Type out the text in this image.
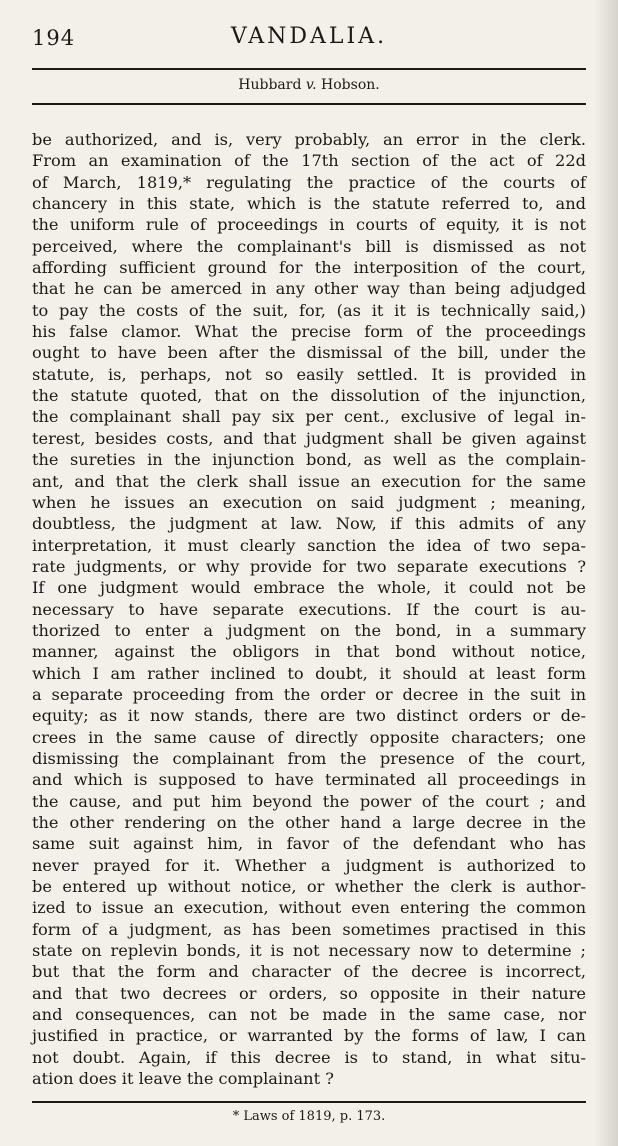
194	VANDALIA.
Hubbard v. Hobson.
be authorized, and is, very probably, an error in the clerk.
From an examination of the 17th section of the act of 22d
of March, 1819,* regulating the practice of the courts of
chancery in this state, which is the statute referred to, and
the uniform rule of proceedings in courts of equity, it is not
perceived, where the complainant's bill is dismissed as not
affording sufficient ground for the interposition of the court,
that he can be amerced in any other way than being adjudged
to pay the costs of the suit, for, (as it it is technically said,)
his false clamor. What the precise form of the proceedings
ought to have been after the dismissal of the bill, under the
statute, is, perhaps, not so easily settled. It is provided in
the statute quoted, that on the dissolution of the injunction,
the complainant shall pay six per cent., exclusive of legal in-
terest, besides costs, and that judgment shall be given against
the sureties in the injunction bond, as well as the complain-
ant, and that the clerk shall issue an execution for the same
when he issues an execution on said judgment ; meaning,
doubtless, the judgment at law. Now, if this admits of any
interpretation, it must clearly sanction the idea of two sepa-
rate judgments, or why provide for two separate executions ?
If one judgment would embrace the whole, it could not be
necessary to have separate executions. If the court is au-
thorized to enter a judgment on the bond, in a summary
manner, against the obligors in that bond without notice,
which I am rather inclined to doubt, it should at least form
a separate proceeding from the order or decree in the suit in
equity; as it now stands, there are two distinct orders or de-
crees in the same cause of directly opposite characters; one
dismissing the complainant from the presence of the court,
and which is supposed to have terminated all proceedings in
the cause, and put him beyond the power of the court ; and
the other rendering on the other hand a large decree in the
same suit against him, in favor of the defendant who has
never prayed for it. Whether a judgment is authorized to
be entered up without notice, or whether the clerk is author-
ized to issue an execution, without even entering the common
form of a judgment, as has been sometimes practised in this
state on replevin bonds, it is not necessary now to determine ;
but that the form and character of the decree is incorrect,
and that two decrees or orders, so opposite in their nature
and consequences, can not be made in the same case, nor
justified in practice, or warranted by the forms of law, I can
not doubt. Again, if this decree is to stand, in what situ-
ation does it leave the complainant ?
* Laws of 1819, p. 173.
